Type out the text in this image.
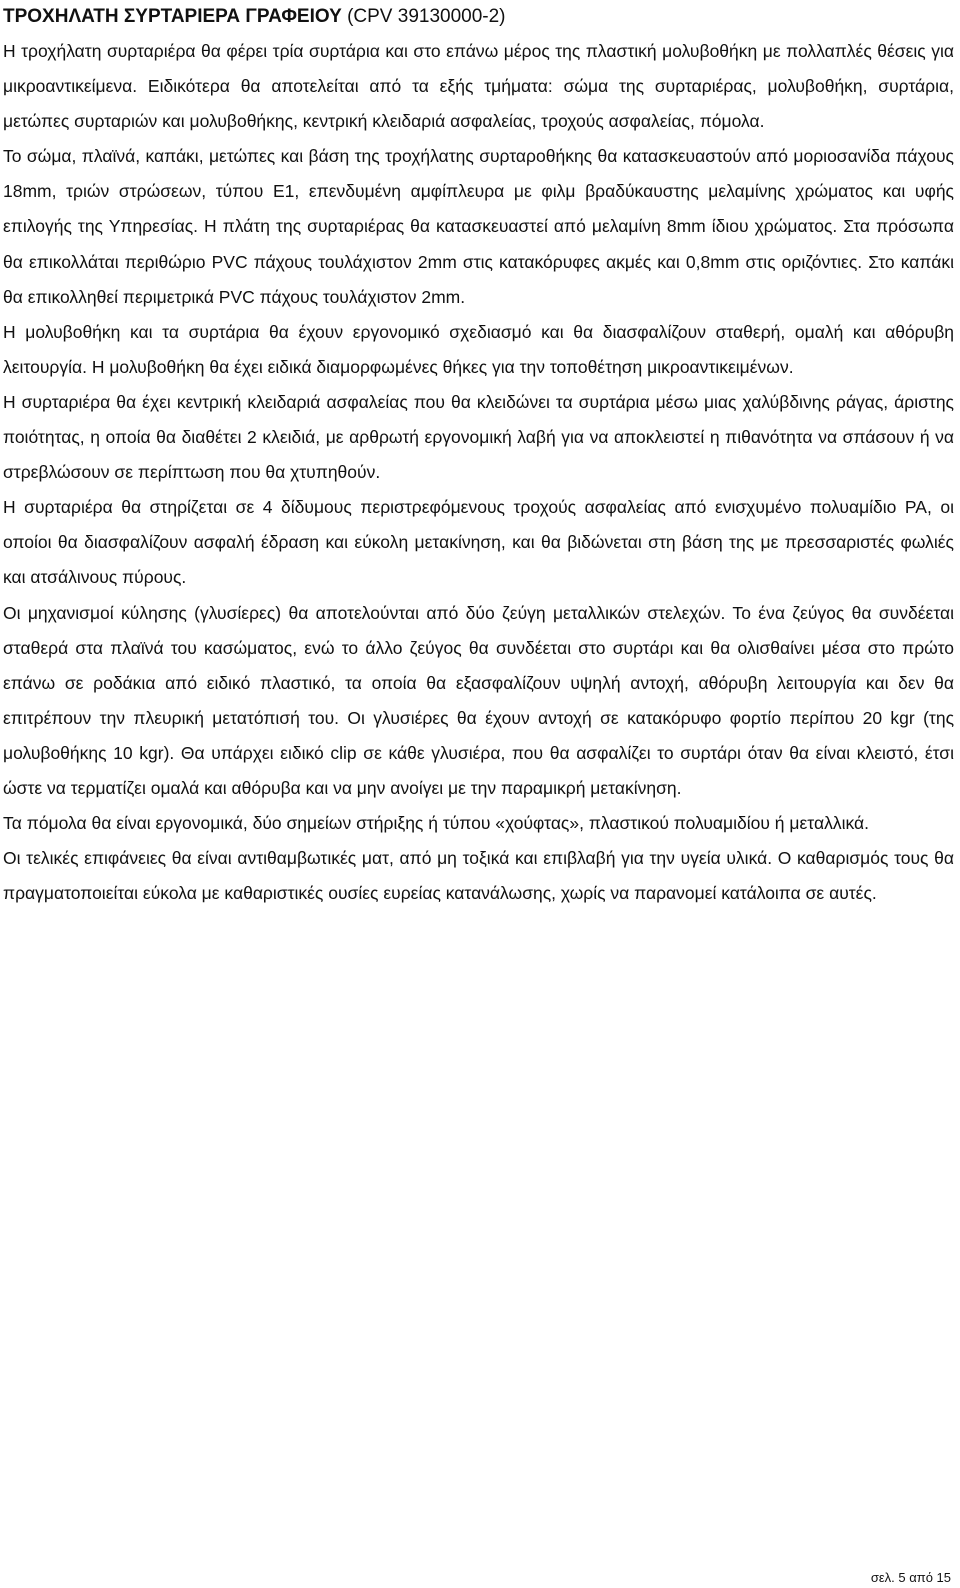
ΤΡΟΧΗΛΑΤΗ ΣΥΡΤΑΡΙΕΡΑ ΓΡΑΦΕΙΟΥ (CPV 39130000-2)

Η τροχήλατη συρταριέρα θα φέρει τρία συρτάρια και στο επάνω μέρος της πλαστική μολυβοθήκη με πολλαπλές θέσεις για μικροαντικείμενα. Ειδικότερα θα αποτελείται από τα εξής τμήματα: σώμα της συρταριέρας, μολυβοθήκη, συρτάρια, μετώπες συρταριών και μολυβοθήκης, κεντρική κλειδαριά ασφαλείας, τροχούς ασφαλείας, πόμολα.

Το σώμα, πλαϊνά, καπάκι, μετώπες και βάση της τροχήλατης συρταροθήκης θα κατασκευαστούν από μοριοσανίδα πάχους 18mm, τριών στρώσεων, τύπου Ε1, επενδυμένη αμφίπλευρα με φιλμ βραδύκαυστης μελαμίνης χρώματος και υφής επιλογής της Υπηρεσίας. Η πλάτη της συρταριέρας θα κατασκευαστεί από μελαμίνη 8mm ίδιου χρώματος. Στα πρόσωπα θα επικολλάται περιθώριο PVC πάχους τουλάχιστον 2mm στις κατακόρυφες ακμές και 0,8mm στις οριζόντιες. Στο καπάκι θα επικολληθεί περιμετρικά PVC πάχους τουλάχιστον 2mm.

Η μολυβοθήκη και τα συρτάρια θα έχουν εργονομικό σχεδιασμό και θα διασφαλίζουν σταθερή, ομαλή και αθόρυβη λειτουργία. Η μολυβοθήκη θα έχει ειδικά διαμορφωμένες θήκες για την τοποθέτηση μικροαντικειμένων.

Η συρταριέρα θα έχει κεντρική κλειδαριά ασφαλείας που θα κλειδώνει τα συρτάρια μέσω μιας χαλύβδινης ράγας, άριστης ποιότητας, η οποία θα διαθέτει 2 κλειδιά, με αρθρωτή εργονομική λαβή για να αποκλειστεί η πιθανότητα να σπάσουν ή να στρεβλώσουν σε περίπτωση που θα χτυπηθούν.

Η συρταριέρα θα στηρίζεται σε 4 δίδυμους περιστρεφόμενους τροχούς ασφαλείας από ενισχυμένο πολυαμίδιο PA, οι οποίοι θα διασφαλίζουν ασφαλή έδραση και εύκολη μετακίνηση, και θα βιδώνεται στη βάση της με πρεσσαριστές φωλιές και ατσάλινους πύρους.

Οι μηχανισμοί κύλησης (γλυσίερες) θα αποτελούνται από δύο ζεύγη μεταλλικών στελεχών. Το ένα ζεύγος θα συνδέεται σταθερά στα πλαϊνά του κασώματος, ενώ το άλλο ζεύγος θα συνδέεται στο συρτάρι και θα ολισθαίνει μέσα στο πρώτο επάνω σε ροδάκια από ειδικό πλαστικό, τα οποία θα εξασφαλίζουν υψηλή αντοχή, αθόρυβη λειτουργία και δεν θα επιτρέπουν την πλευρική μετατόπισή του. Οι γλυσιέρες θα έχουν αντοχή σε κατακόρυφο φορτίο περίπου 20 kgr (της μολυβοθήκης 10 kgr). Θα υπάρχει ειδικό clip σε κάθε γλυσιέρα, που θα ασφαλίζει το συρτάρι όταν θα είναι κλειστό, έτσι ώστε να τερματίζει ομαλά και αθόρυβα και να μην ανοίγει με την παραμικρή μετακίνηση.

Τα πόμολα θα είναι εργονομικά, δύο σημείων στήριξης ή τύπου «χούφτας», πλαστικού πολυαμιδίου ή μεταλλικά.

Οι τελικές επιφάνειες θα είναι αντιθαμβωτικές ματ, από μη τοξικά και επιβλαβή για την υγεία υλικά. Ο καθαρισμός τους θα πραγματοποιείται εύκολα με καθαριστικές ουσίες ευρείας κατανάλωσης, χωρίς να παρανομεί κατάλοιπα σε αυτές.

σελ. 5 από 15
